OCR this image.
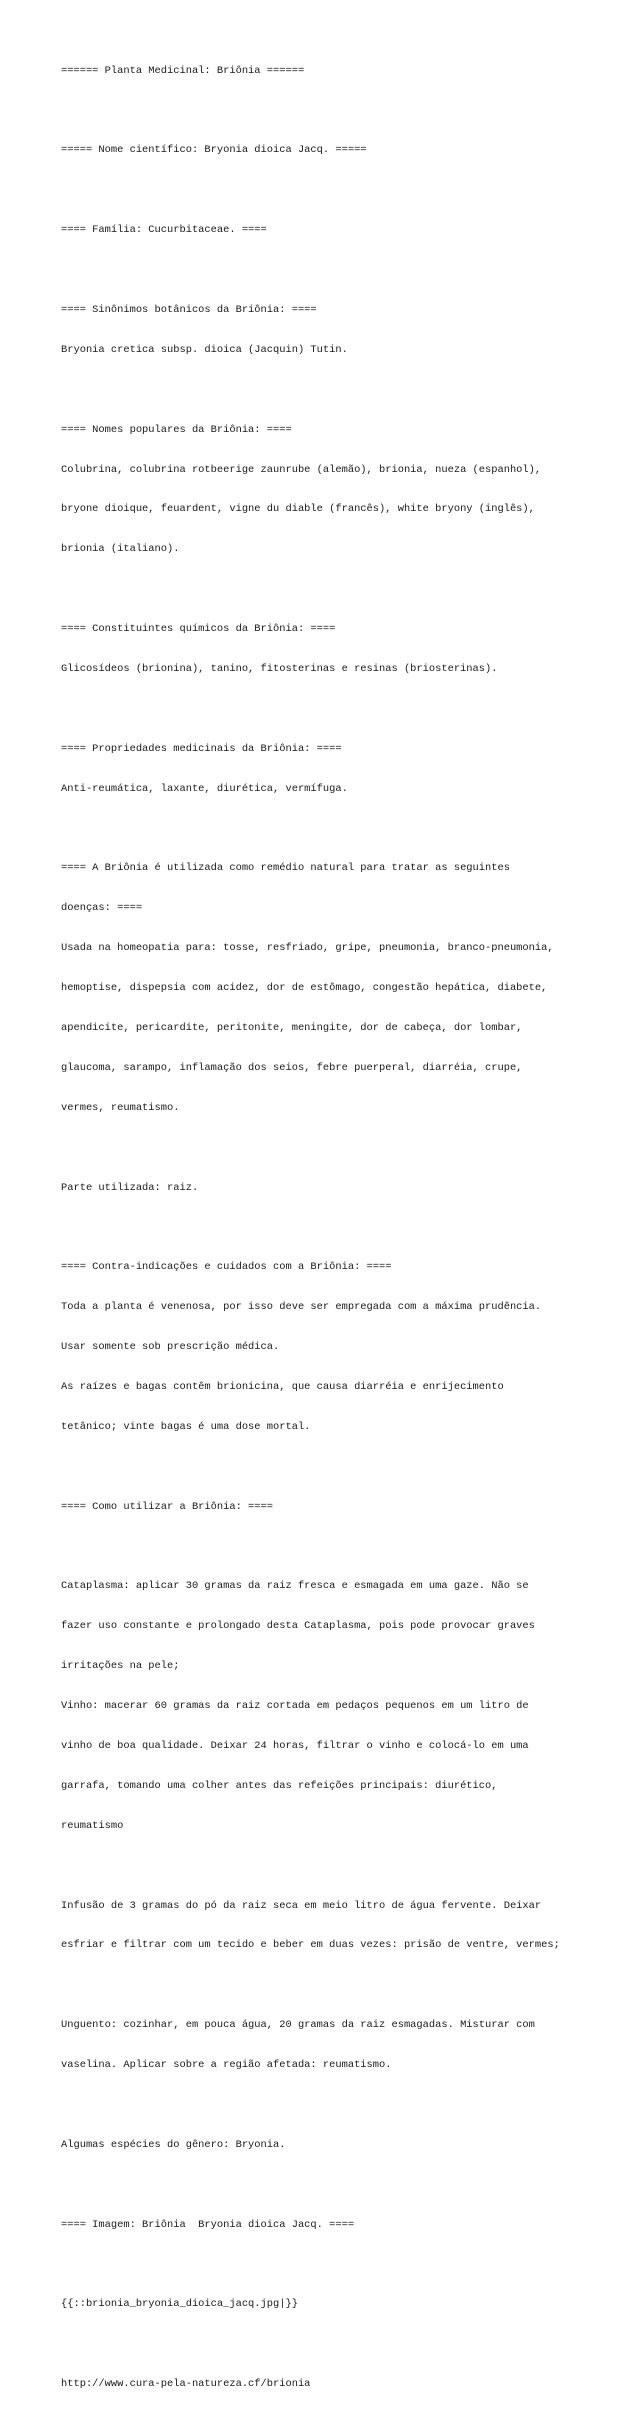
====== Planta Medicinal: Briônia ======

===== Nome científico: Bryonia dioica Jacq. =====

==== Família: Cucurbitaceae. ====

==== Sinônimos botânicos da Briônia: ====

Bryonia cretica subsp. dioica (Jacquin) Tutin.

==== Nomes populares da Briônia: ====

Colubrina, colubrina rotbeerige zaunrube (alemão), brionia, nueza (espanhol),

bryone dioique, feuardent, vigne du diable (francês), white bryony (inglês),

brionia (italiano).

==== Constituintes químicos da Briônia: ====

Glicosídeos (brionina), tanino, fitosterinas e resinas (briosterinas).

==== Propriedades medicinais da Briônia: ====

Anti-reumática, laxante, diurética, vermífuga.

==== A Briônia é utilizada como remédio natural para tratar as seguintes

doenças: ====

Usada na homeopatia para: tosse, resfriado, gripe, pneumonia, branco-pneumonia,

hemoptise, dispepsia com acidez, dor de estômago, congestão hepática, diabete,

apendicite, pericardite, peritonite, meningite, dor de cabeça, dor lombar,

glaucoma, sarampo, inflamação dos seios, febre puerperal, diarréia, crupe,

vermes, reumatismo.

Parte utilizada: raiz.

==== Contra-indicações e cuidados com a Briônia: ====

Toda a planta é venenosa, por isso deve ser empregada com a máxima prudência.

Usar somente sob prescrição médica.

As raízes e bagas contêm brionicina, que causa diarréia e enrijecimento

tetânico; vinte bagas é uma dose mortal.

==== Como utilizar a Briônia: ====

Cataplasma: aplicar 30 gramas da raiz fresca e esmagada em uma gaze. Não se

fazer uso constante e prolongado desta Cataplasma, pois pode provocar graves

irritações na pele;

Vinho: macerar 60 gramas da raiz cortada em pedaços pequenos em um litro de

vinho de boa qualidade. Deixar 24 horas, filtrar o vinho e colocá-lo em uma

garrafa, tomando uma colher antes das refeições principais: diurético,

reumatismo

Infusão de 3 gramas do pó da raiz seca em meio litro de água fervente. Deixar

esfriar e filtrar com um tecido e beber em duas vezes: prisão de ventre, vermes;

Unguento: cozinhar, em pouca água, 20 gramas da raiz esmagadas. Misturar com

vaselina. Aplicar sobre a região afetada: reumatismo.

Algumas espécies do gênero: Bryonia.

==== Imagem: Briônia  Bryonia dioica Jacq. ====

{{::brionia_bryonia_dioica_jacq.jpg|}}

http://www.cura-pela-natureza.cf/brionia
